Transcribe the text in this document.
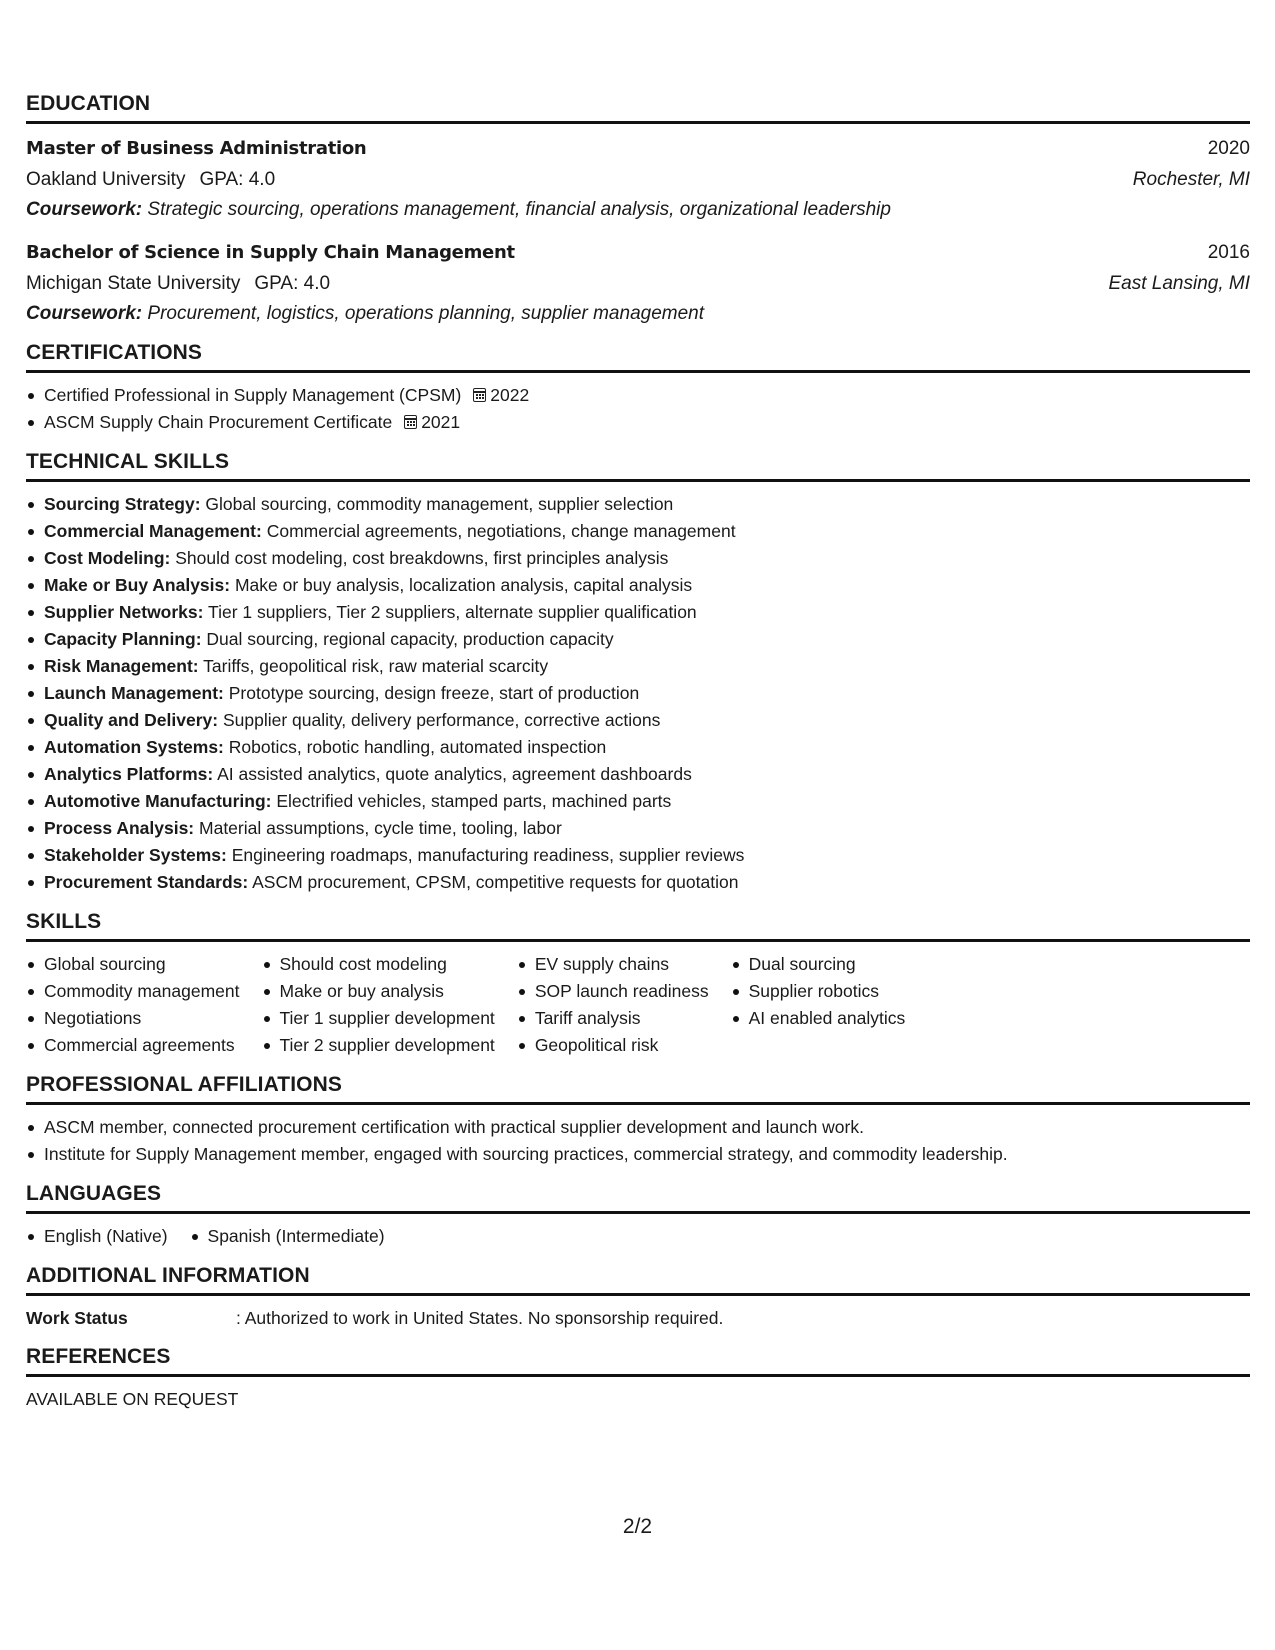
EDUCATION
Master of Business Administration	2020
Oakland University GPA: 4.0	Rochester, MI
Coursework: Strategic sourcing, operations management, financial analysis, organizational leadership
Bachelor of Science in Supply Chain Management	2016
Michigan State University GPA: 4.0	East Lansing, MI
Coursework: Procurement, logistics, operations planning, supplier management
CERTIFICATIONS
Certified Professional in Supply Management (CPSM) 2022
ASCM Supply Chain Procurement Certificate 2021
TECHNICAL SKILLS
Sourcing Strategy: Global sourcing, commodity management, supplier selection
Commercial Management: Commercial agreements, negotiations, change management
Cost Modeling: Should cost modeling, cost breakdowns, first principles analysis
Make or Buy Analysis: Make or buy analysis, localization analysis, capital analysis
Supplier Networks: Tier 1 suppliers, Tier 2 suppliers, alternate supplier qualification
Capacity Planning: Dual sourcing, regional capacity, production capacity
Risk Management: Tariffs, geopolitical risk, raw material scarcity
Launch Management: Prototype sourcing, design freeze, start of production
Quality and Delivery: Supplier quality, delivery performance, corrective actions
Automation Systems: Robotics, robotic handling, automated inspection
Analytics Platforms: AI assisted analytics, quote analytics, agreement dashboards
Automotive Manufacturing: Electrified vehicles, stamped parts, machined parts
Process Analysis: Material assumptions, cycle time, tooling, labor
Stakeholder Systems: Engineering roadmaps, manufacturing readiness, supplier reviews
Procurement Standards: ASCM procurement, CPSM, competitive requests for quotation
SKILLS
Global sourcing
Commodity management
Negotiations
Commercial agreements
Should cost modeling
Make or buy analysis
Tier 1 supplier development
Tier 2 supplier development
EV supply chains
SOP launch readiness
Tariff analysis
Geopolitical risk
Dual sourcing
Supplier robotics
AI enabled analytics
PROFESSIONAL AFFILIATIONS
ASCM member, connected procurement certification with practical supplier development and launch work.
Institute for Supply Management member, engaged with sourcing practices, commercial strategy, and commodity leadership.
LANGUAGES
English (Native)	Spanish (Intermediate)
ADDITIONAL INFORMATION
Work Status	: Authorized to work in United States. No sponsorship required.
REFERENCES
AVAILABLE ON REQUEST
2/2
